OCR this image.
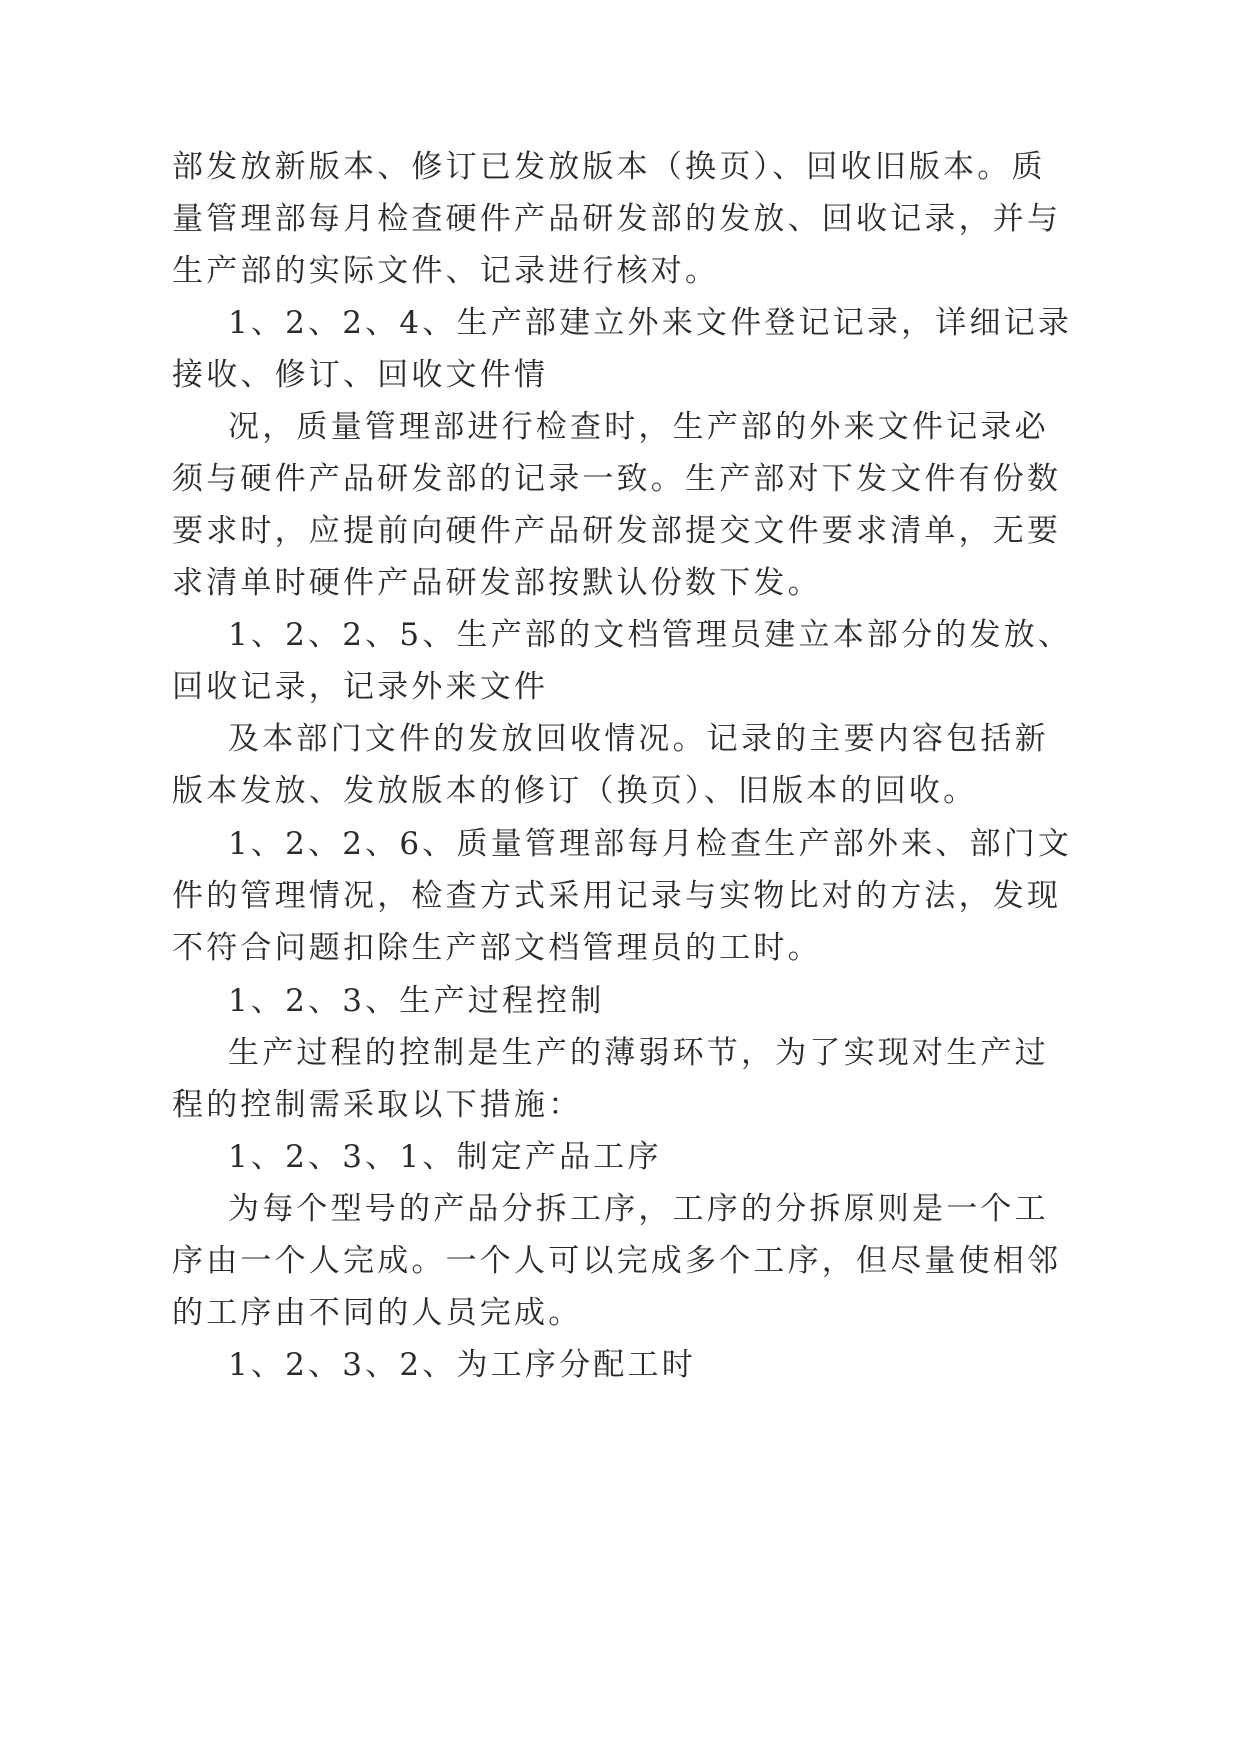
部发放新版本、修订已发放版本（换页）、回收旧版本。质
量管理部每月检查硬件产品研发部的发放、回收记录，并与
生产部的实际文件、记录进行核对。
1、2、2、4、生产部建立外来文件登记记录，详细记录
接收、修订、回收文件情
况，质量管理部进行检查时，生产部的外来文件记录必
须与硬件产品研发部的记录一致。生产部对下发文件有份数
要求时，应提前向硬件产品研发部提交文件要求清单，无要
求清单时硬件产品研发部按默认份数下发。
1、2、2、5、生产部的文档管理员建立本部分的发放、
回收记录，记录外来文件
及本部门文件的发放回收情况。记录的主要内容包括新
版本发放、发放版本的修订（换页）、旧版本的回收。
1、2、2、6、质量管理部每月检查生产部外来、部门文
件的管理情况，检查方式采用记录与实物比对的方法，发现
不符合问题扣除生产部文档管理员的工时。
1、2、3、生产过程控制
生产过程的控制是生产的薄弱环节，为了实现对生产过
程的控制需采取以下措施：
1、2、3、1、制定产品工序
为每个型号的产品分拆工序，工序的分拆原则是一个工
序由一个人完成。一个人可以完成多个工序，但尽量使相邻
的工序由不同的人员完成。
1、2、3、2、为工序分配工时
